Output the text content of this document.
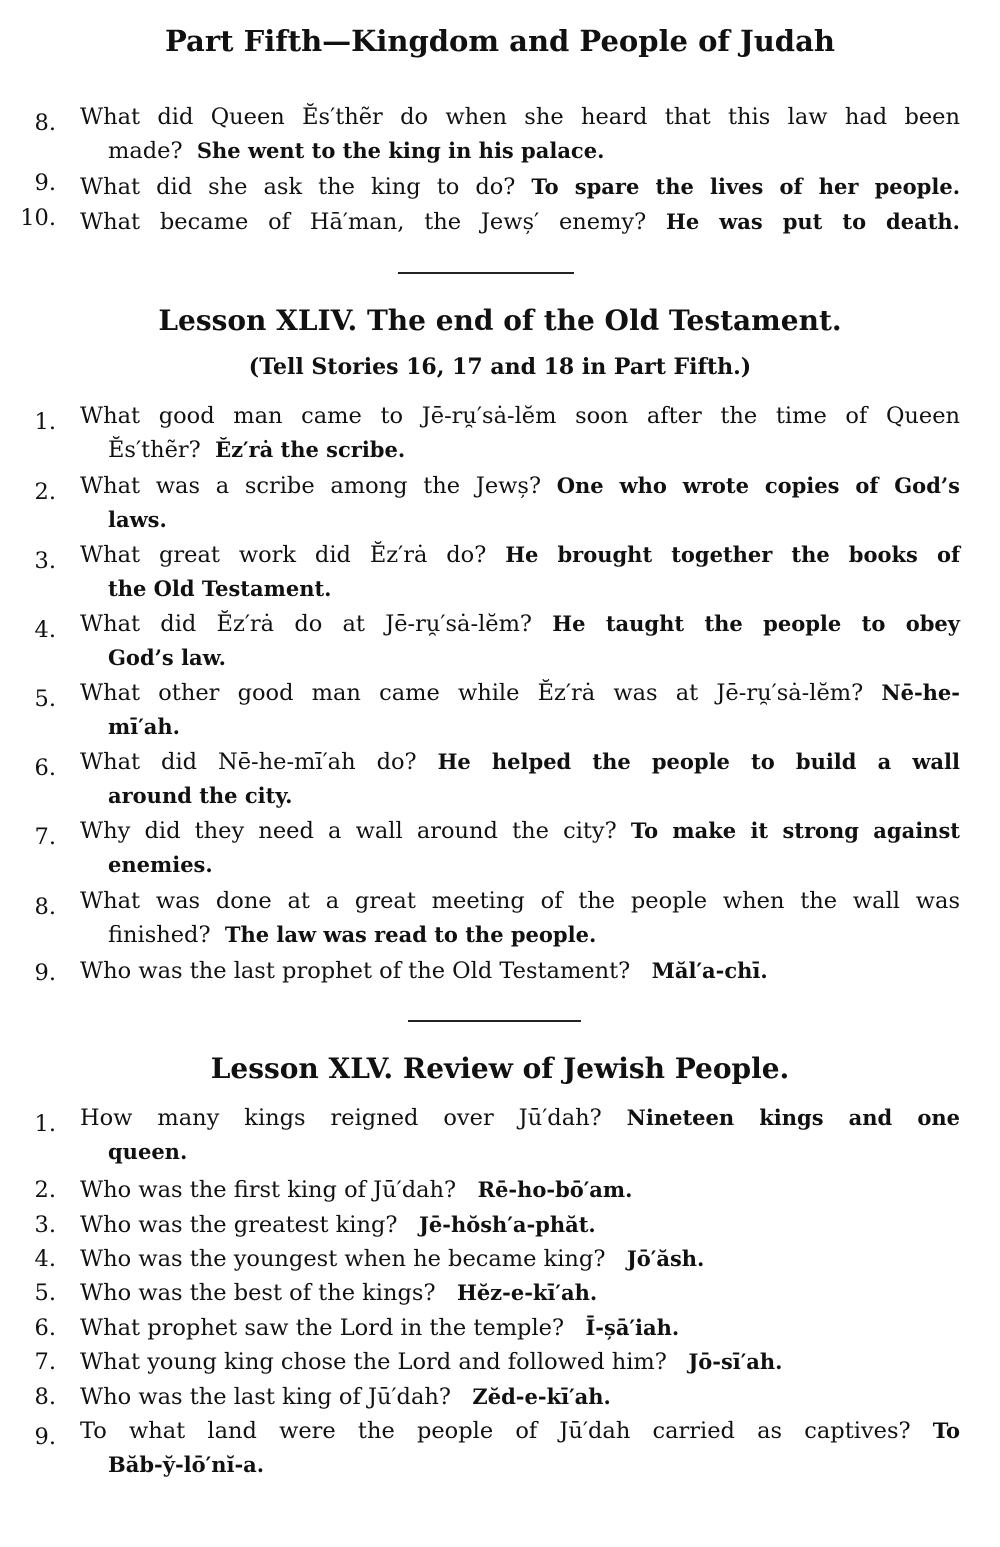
Part Fifth—Kingdom and People of Judah
8. What did Queen Ĕs′thẽr do when she heard that this law had been
made? She went to the king in his palace.
9. What did she ask the king to do? To spare the lives of her people.
10. What became of Hā′man, the Jewș′ enemy? He was put to death.
Lesson XLIV. The end of the Old Testament.
(Tell Stories 16, 17 and 18 in Part Fifth.)
1. What good man came to Jē-ru̯′sȧ-lĕm soon after the time of Queen
Ĕs′thẽr? Ĕz′rȧ the scribe.
2. What was a scribe among the Jewș? One who wrote copies of God’s
laws.
3. What great work did Ĕz′rȧ do? He brought together the books of
the Old Testament.
4. What did Ĕz′rȧ do at Jē-ru̯′sȧ-lĕm? He taught the people to obey
God’s law.
5. What other good man came while Ĕz′rȧ was at Jē-ru̯′sȧ-lĕm? Nē-he-
mī′ah.
6. What did Nē-he-mī′ah do? He helped the people to build a wall
around the city.
7. Why did they need a wall around the city? To make it strong against
enemies.
8. What was done at a great meeting of the people when the wall was
finished? The law was read to the people.
9. Who was the last prophet of the Old Testament? Măl′a-chī.
Lesson XLV. Review of Jewish People.
1. How many kings reigned over Jū′dah? Nineteen kings and one
queen.
2. Who was the first king of Jū′dah? Rē-ho-bō′am.
3. Who was the greatest king? Jē-hŏsh′a-phăt.
4. Who was the youngest when he became king? Jō′ăsh.
5. Who was the best of the kings? Hĕz-e-kī′ah.
6. What prophet saw the Lord in the temple? Ī-șā′iah.
7. What young king chose the Lord and followed him? Jō-sī′ah.
8. Who was the last king of Jū′dah? Zĕd-e-kī′ah.
9. To what land were the people of Jū′dah carried as captives? To
Băb-y̆-lō′nĭ-a.
